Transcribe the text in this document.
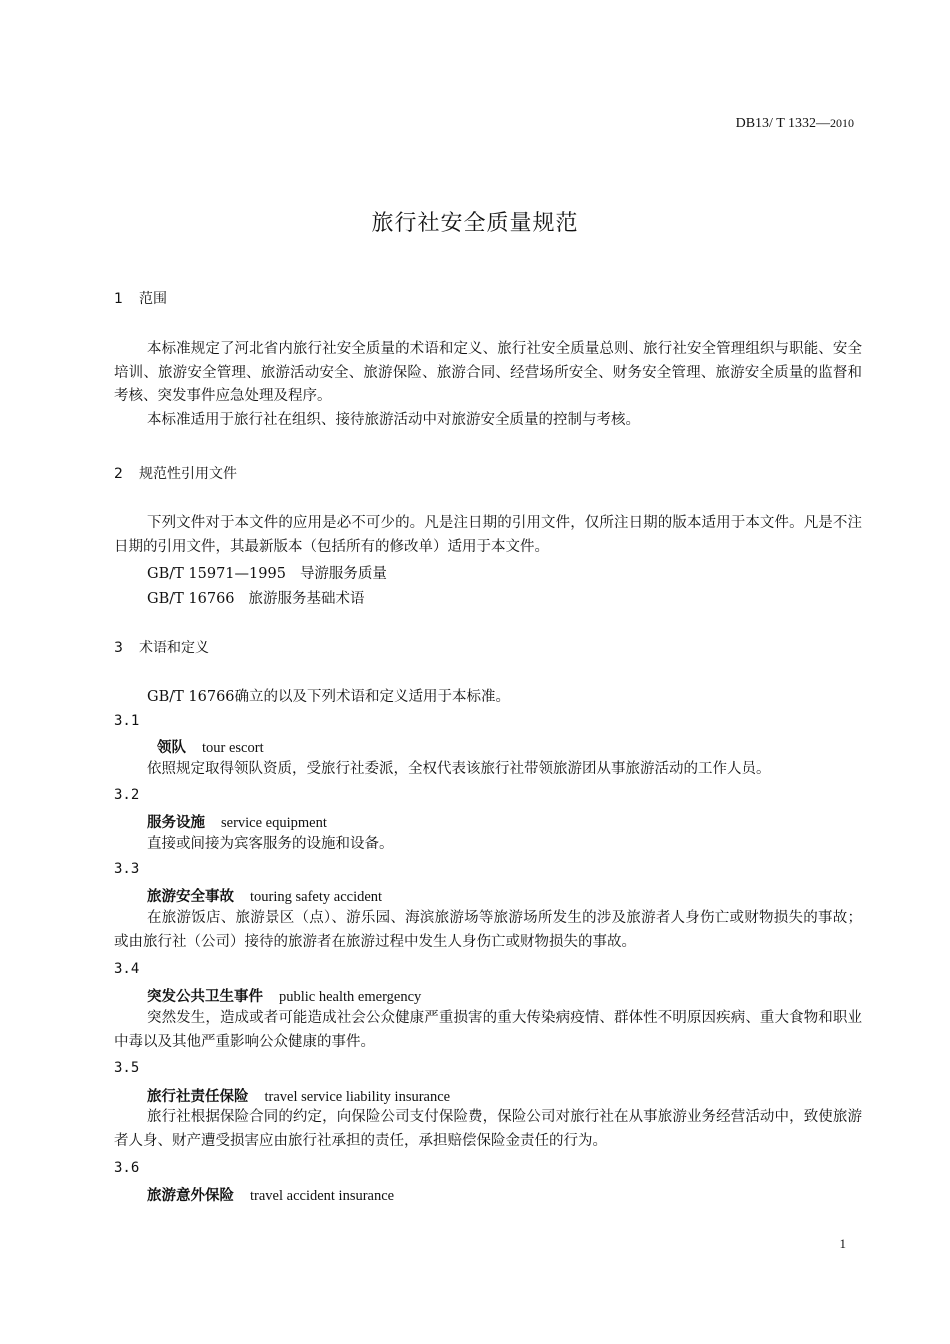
DB13/ T 1332—2010
旅行社安全质量规范
1 范围

本标准规定了河北省内旅行社安全质量的术语和定义、旅行社安全质量总则、旅行社安全管理组织与职能、安全培训、旅游安全管理、旅游活动安全、旅游保险、旅游合同、经营场所安全、财务安全管理、旅游安全质量的监督和考核、突发事件应急处理及程序。

本标准适用于旅行社在组织、接待旅游活动中对旅游安全质量的控制与考核。

2 规范性引用文件

下列文件对于本文件的应用是必不可少的。凡是注日期的引用文件，仅所注日期的版本适用于本文件。凡是不注日期的引用文件，其最新版本（包括所有的修改单）适用于本文件。

GB/T 15971—1995 导游服务质量
GB/T 16766 旅游服务基础术语
3 术语和定义

GB/T 16766确立的以及下列术语和定义适用于本标准。

3.1
领队 tour escort

依照规定取得领队资质，受旅行社委派，全权代表该旅行社带领旅游团从事旅游活动的工作人员。

3.2
服务设施 service equipment

直接或间接为宾客服务的设施和设备。

3.3
旅游安全事故 touring safety accident

在旅游饭店、旅游景区（点）、游乐园、海滨旅游场等旅游场所发生的涉及旅游者人身伤亡或财物损失的事故；或由旅行社（公司）接待的旅游者在旅游过程中发生人身伤亡或财物损失的事故。

3.4
突发公共卫生事件 public health emergency

突然发生，造成或者可能造成社会公众健康严重损害的重大传染病疫情、群体性不明原因疾病、重大食物和职业中毒以及其他严重影响公众健康的事件。

3.5
旅行社责任保险 travel service liability insurance

旅行社根据保险合同的约定，向保险公司支付保险费，保险公司对旅行社在从事旅游业务经营活动中，致使旅游者人身、财产遭受损害应由旅行社承担的责任，承担赔偿保险金责任的行为。

3.6
旅游意外保险 travel accident insurance
1
